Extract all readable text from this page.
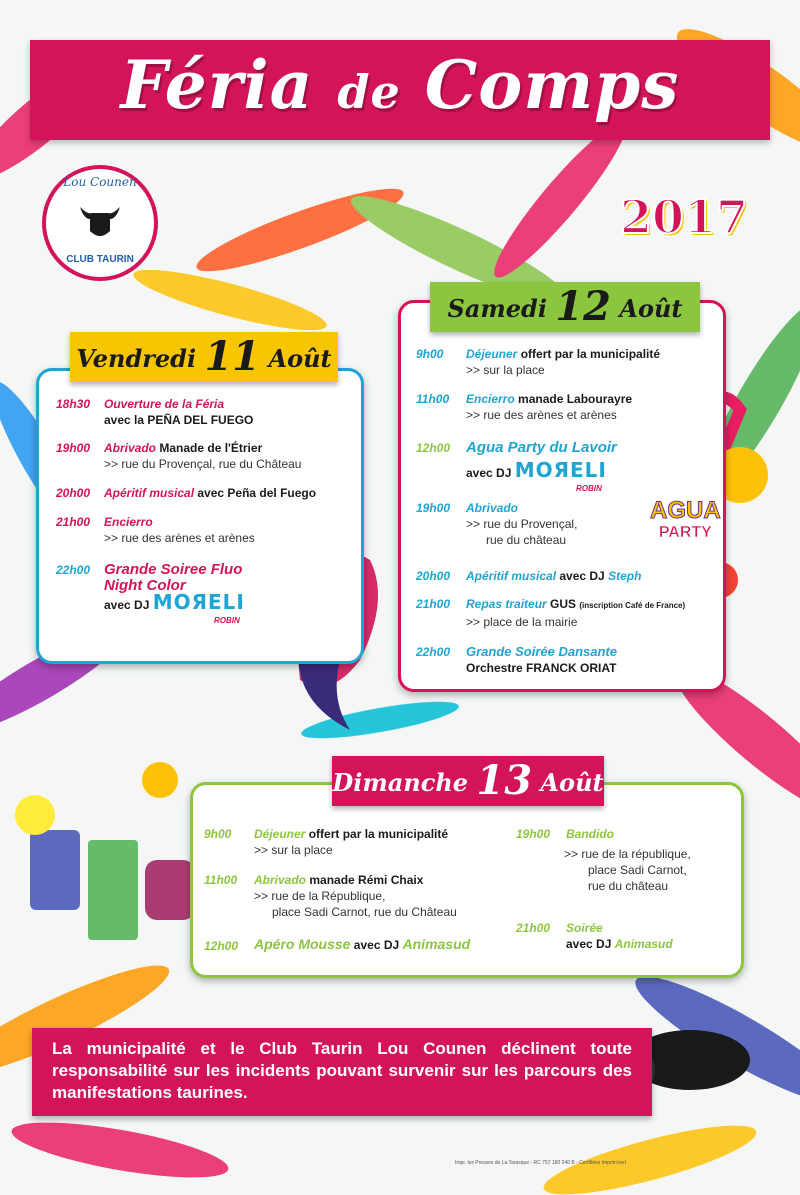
Féria de Comps
Lou Counen
CLUB TAURIN
2017
Vendredi 11 Août
18h30 Ouverture de la Féria
avec la PEÑA DEL FUEGO
19h00 Abrivado Manade de l'Étrier
>> rue du Provençal, rue du Château
20h00 Apéritif musical avec Peña del Fuego
21h00 Encierro
>> rue des arènes et arènes
22h00 Grande Soiree Fluo
Night Color
avec DJ MOЯELI
ROBIN
Samedi 12 Août
9h00 Déjeuner offert par la municipalité
>> sur la place
11h00 Encierro manade Labourayre
>> rue des arènes et arènes
12h00 Agua Party du Lavoir
avec DJ MOЯELI
ROBIN
19h00 Abrivado
>> rue du Provençal,
rue du château
20h00 Apéritif musical avec DJ Steph
21h00 Repas traiteur GUS (inscription Café de France)
>> place de la mairie
22h00 Grande Soirée Dansante
Orchestre FRANCK ORIAT
AGUA
PARTY
Dimanche 13 Août
9h00 Déjeuner offert par la municipalité
>> sur la place
11h00 Abrivado manade Rémi Chaix
>> rue de la République,
place Sadi Carnot, rue du Château
12h00 Apéro Mousse avec DJ Animasud
19h00 Bandido
>> rue de la république,
place Sadi Carnot,
rue du château
21h00 Soirée
avec DJ Animasud
La municipalité et le Club Taurin Lou Counen déclinent toute responsabilité sur les incidents pouvant survenir sur les parcours des manifestations taurines.
Impr. les Presses de La Tarasque - RC 757 180 240 B - Certifiées Imprim'vert
